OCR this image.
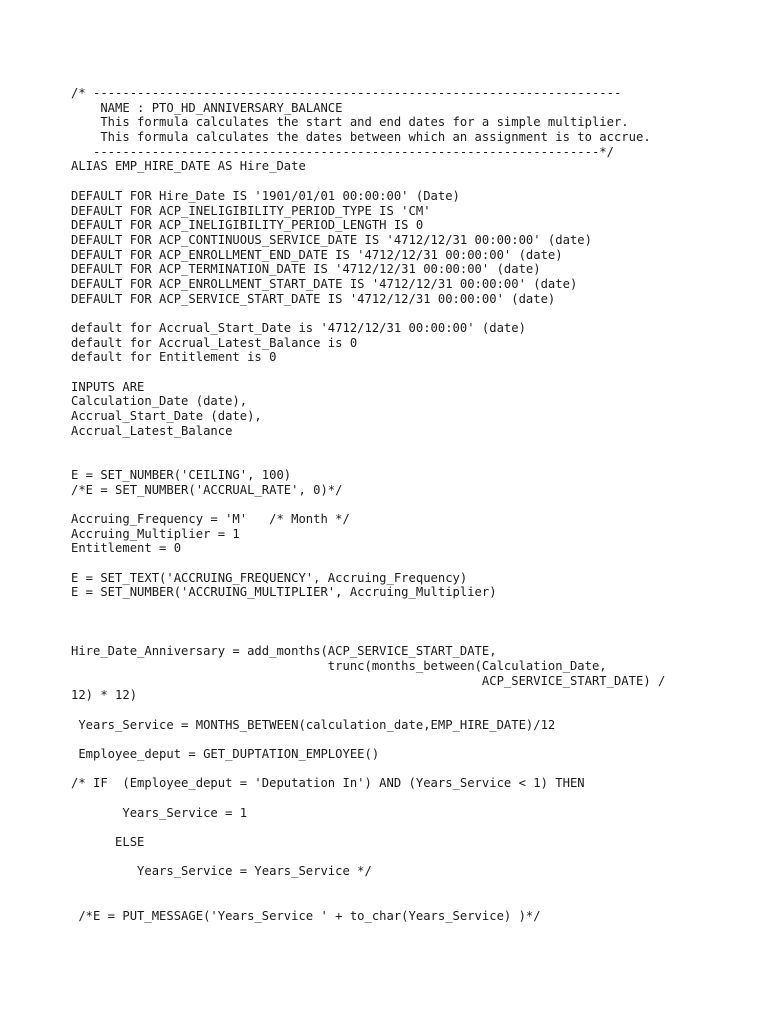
/* ------------------------------------------------------------------------
NAME : PTO_HD_ANNIVERSARY_BALANCE
This formula calculates the start and end dates for a simple multiplier.
This formula calculates the dates between which an assignment is to accrue.
---------------------------------------------------------------------*/
ALIAS EMP_HIRE_DATE AS Hire_Date
DEFAULT FOR Hire_Date IS '1901/01/01 00:00:00' (Date)
DEFAULT FOR ACP_INELIGIBILITY_PERIOD_TYPE IS 'CM'
DEFAULT FOR ACP_INELIGIBILITY_PERIOD_LENGTH IS 0
DEFAULT FOR ACP_CONTINUOUS_SERVICE_DATE IS '4712/12/31 00:00:00' (date)
DEFAULT FOR ACP_ENROLLMENT_END_DATE IS '4712/12/31 00:00:00' (date)
DEFAULT FOR ACP_TERMINATION_DATE IS '4712/12/31 00:00:00' (date)
DEFAULT FOR ACP_ENROLLMENT_START_DATE IS '4712/12/31 00:00:00' (date)
DEFAULT FOR ACP_SERVICE_START_DATE IS '4712/12/31 00:00:00' (date)
default for Accrual_Start_Date is '4712/12/31 00:00:00' (date)
default for Accrual_Latest_Balance is 0
default for Entitlement is 0
INPUTS ARE
Calculation_Date (date),
Accrual_Start_Date (date),
Accrual_Latest_Balance
E = SET_NUMBER('CEILING', 100)
/*E = SET_NUMBER('ACCRUAL_RATE', 0)*/
Accruing_Frequency = 'M'   /* Month */
Accruing_Multiplier = 1
Entitlement = 0
E = SET_TEXT('ACCRUING_FREQUENCY', Accruing_Frequency)
E = SET_NUMBER('ACCRUING_MULTIPLIER', Accruing_Multiplier)
Hire_Date_Anniversary = add_months(ACP_SERVICE_START_DATE,
trunc(months_between(Calculation_Date,
ACP_SERVICE_START_DATE) /
12) * 12)
Years_Service = MONTHS_BETWEEN(calculation_date,EMP_HIRE_DATE)/12
Employee_deput = GET_DUPTATION_EMPLOYEE()
/* IF  (Employee_deput = 'Deputation In') AND (Years_Service < 1) THEN
Years_Service = 1
ELSE
Years_Service = Years_Service */
/*E = PUT_MESSAGE('Years_Service ' + to_char(Years_Service) )*/
